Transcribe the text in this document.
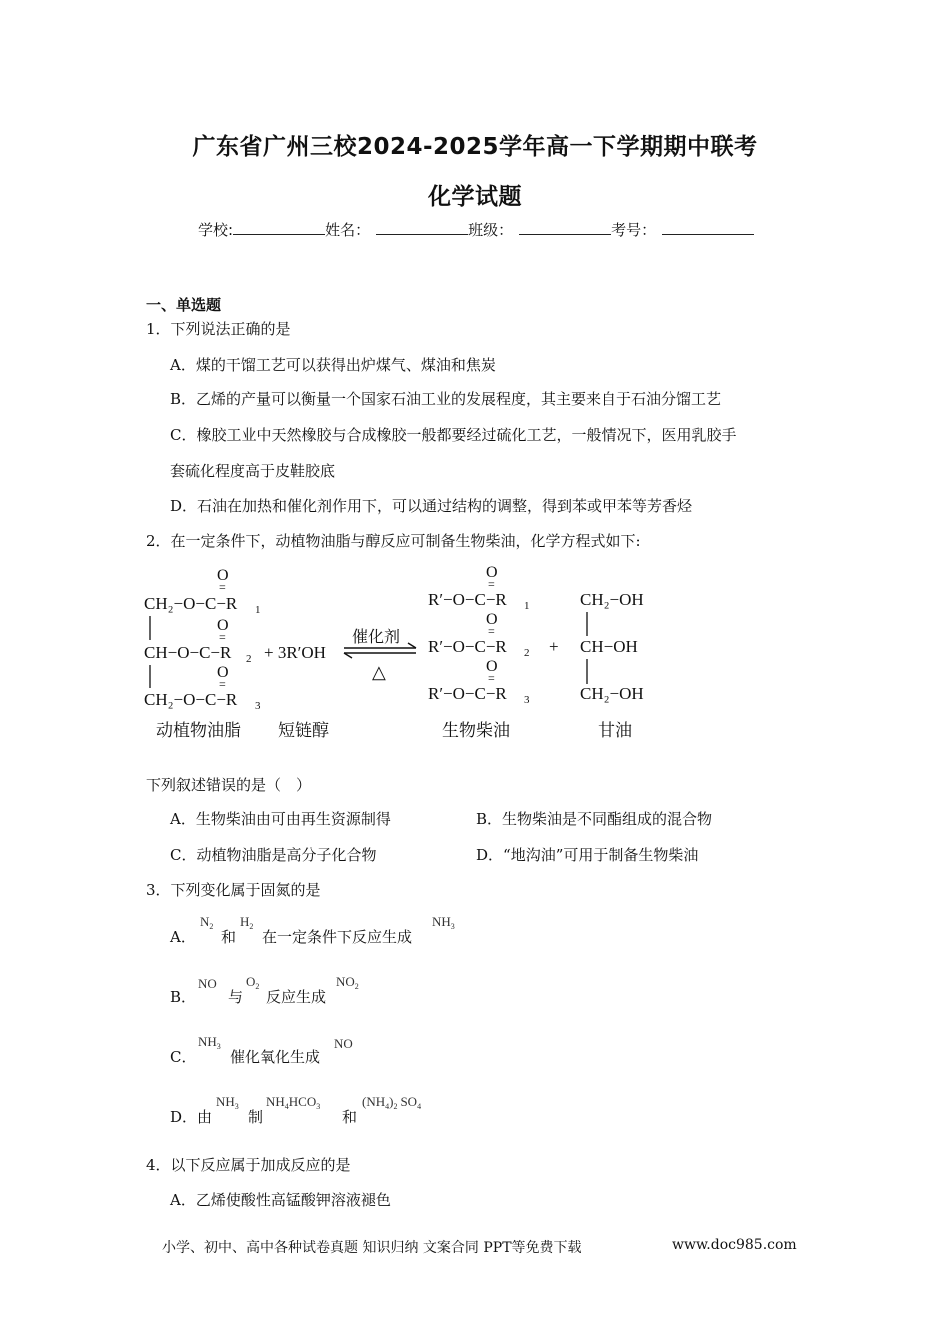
广东省广州三校2024-2025学年高一下学期期中联考
化学试题
学校:	姓名：	班级：	考号：
一、单选题
1．下列说法正确的是
A．煤的干馏工艺可以获得出炉煤气、煤油和焦炭
B．乙烯的产量可以衡量一个国家石油工业的发展程度，其主要来自于石油分馏工艺
C．橡胶工业中天然橡胶与合成橡胶一般都要经过硫化工艺，一般情况下，医用乳胶手
套硫化程度高于皮鞋胶底
D．石油在加热和催化剂作用下，可以通过结构的调整，得到苯或甲苯等芳香烃
2．在一定条件下，动植物油脂与醇反应可制备生物柴油，化学方程式如下:
O
=
CH₂−O−C−R 1
O
=
CH−O−C−R 2
O
=
CH₂−O−C−R 3
+ 3R′OH
催化剂
△
O
=
R′−O−C−R 1
O
=
R′−O−C−R 2
O
=
R′−O−C−R 3
+
CH₂−OH
CH−OH
CH₂−OH
动植物油脂 短链醇	生物柴油	甘油
下列叙述错误的是（　）
A．生物柴油由可由再生资源制得	B．生物柴油是不同酯组成的混合物
C．动植物油脂是高分子化合物	D．“地沟油”可用于制备生物柴油
3．下列变化属于固氮的是
A．
$N_2$
和
$H_2$
在一定条件下反应生成
$NH_3$
B．
NO
与
$O_2$
反应生成
$NO_2$
C．
$NH_3$
催化氧化生成
NO
D．由
$NH_3$
制
$NH_4HCO_3$
和
$(NH_4)_2$ $SO_4$
4．以下反应属于加成反应的是
A．乙烯使酸性高锰酸钾溶液褪色
小学、初中、高中各种试卷真题 知识归纳 文案合同 PPT等免费下载	www.doc985.com
